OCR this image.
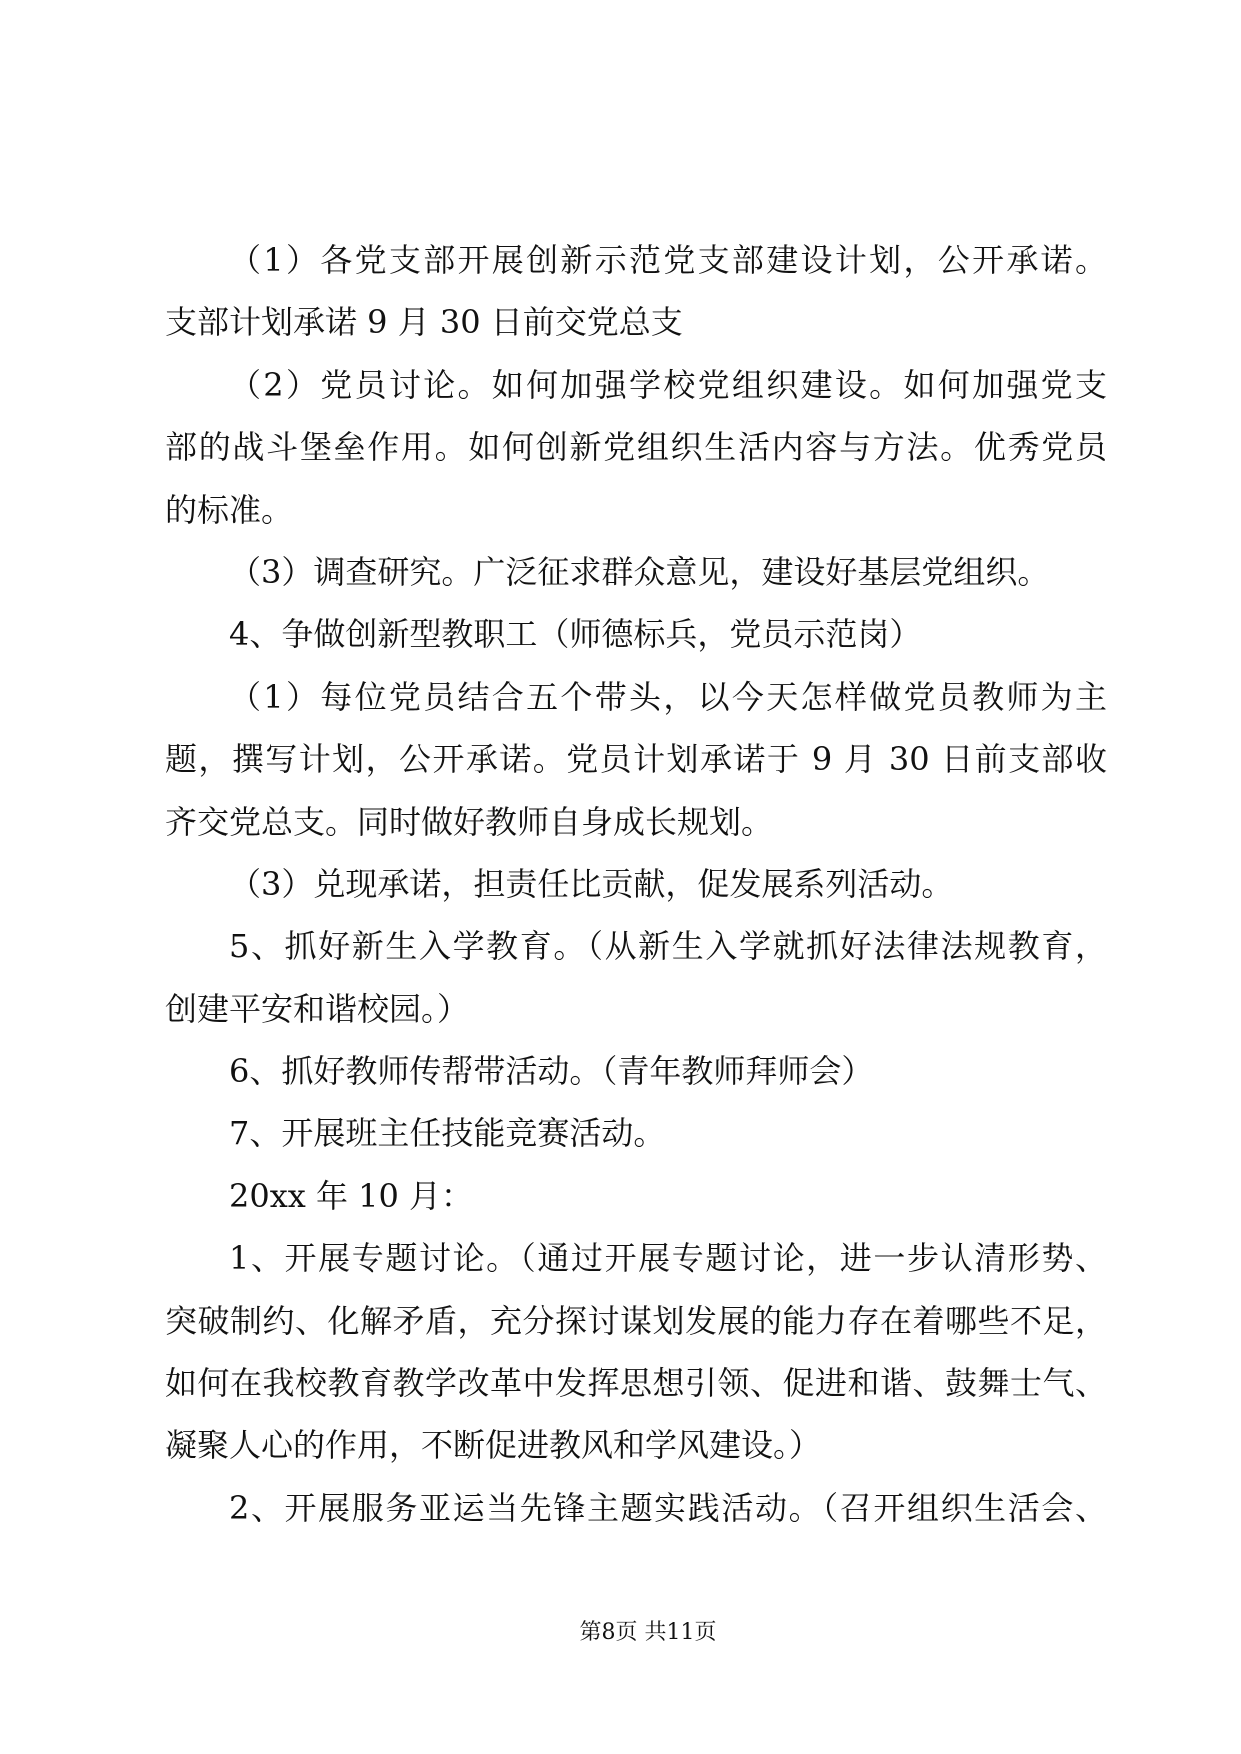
（1）各党支部开展创新示范党支部建设计划，公开承诺。
支部计划承诺 9 月 30 日前交党总支
（2）党员讨论。如何加强学校党组织建设。如何加强党支
部的战斗堡垒作用。如何创新党组织生活内容与方法。优秀党员
的标准。
（3）调查研究。广泛征求群众意见，建设好基层党组织。
4、争做创新型教职工（师德标兵，党员示范岗）
（1）每位党员结合五个带头，以今天怎样做党员教师为主
题，撰写计划，公开承诺。党员计划承诺于 9 月 30 日前支部收
齐交党总支。同时做好教师自身成长规划。
（3）兑现承诺，担责任比贡献，促发展系列活动。
5、抓好新生入学教育。（从新生入学就抓好法律法规教育，
创建平安和谐校园。）
6、抓好教师传帮带活动。（青年教师拜师会）
7、开展班主任技能竞赛活动。
20xx 年 10 月：
1、开展专题讨论。（通过开展专题讨论，进一步认清形势、
突破制约、化解矛盾，充分探讨谋划发展的能力存在着哪些不足，
如何在我校教育教学改革中发挥思想引领、促进和谐、鼓舞士气、
凝聚人心的作用，不断促进教风和学风建设。）
2、开展服务亚运当先锋主题实践活动。（召开组织生活会、
第8页 共11页
